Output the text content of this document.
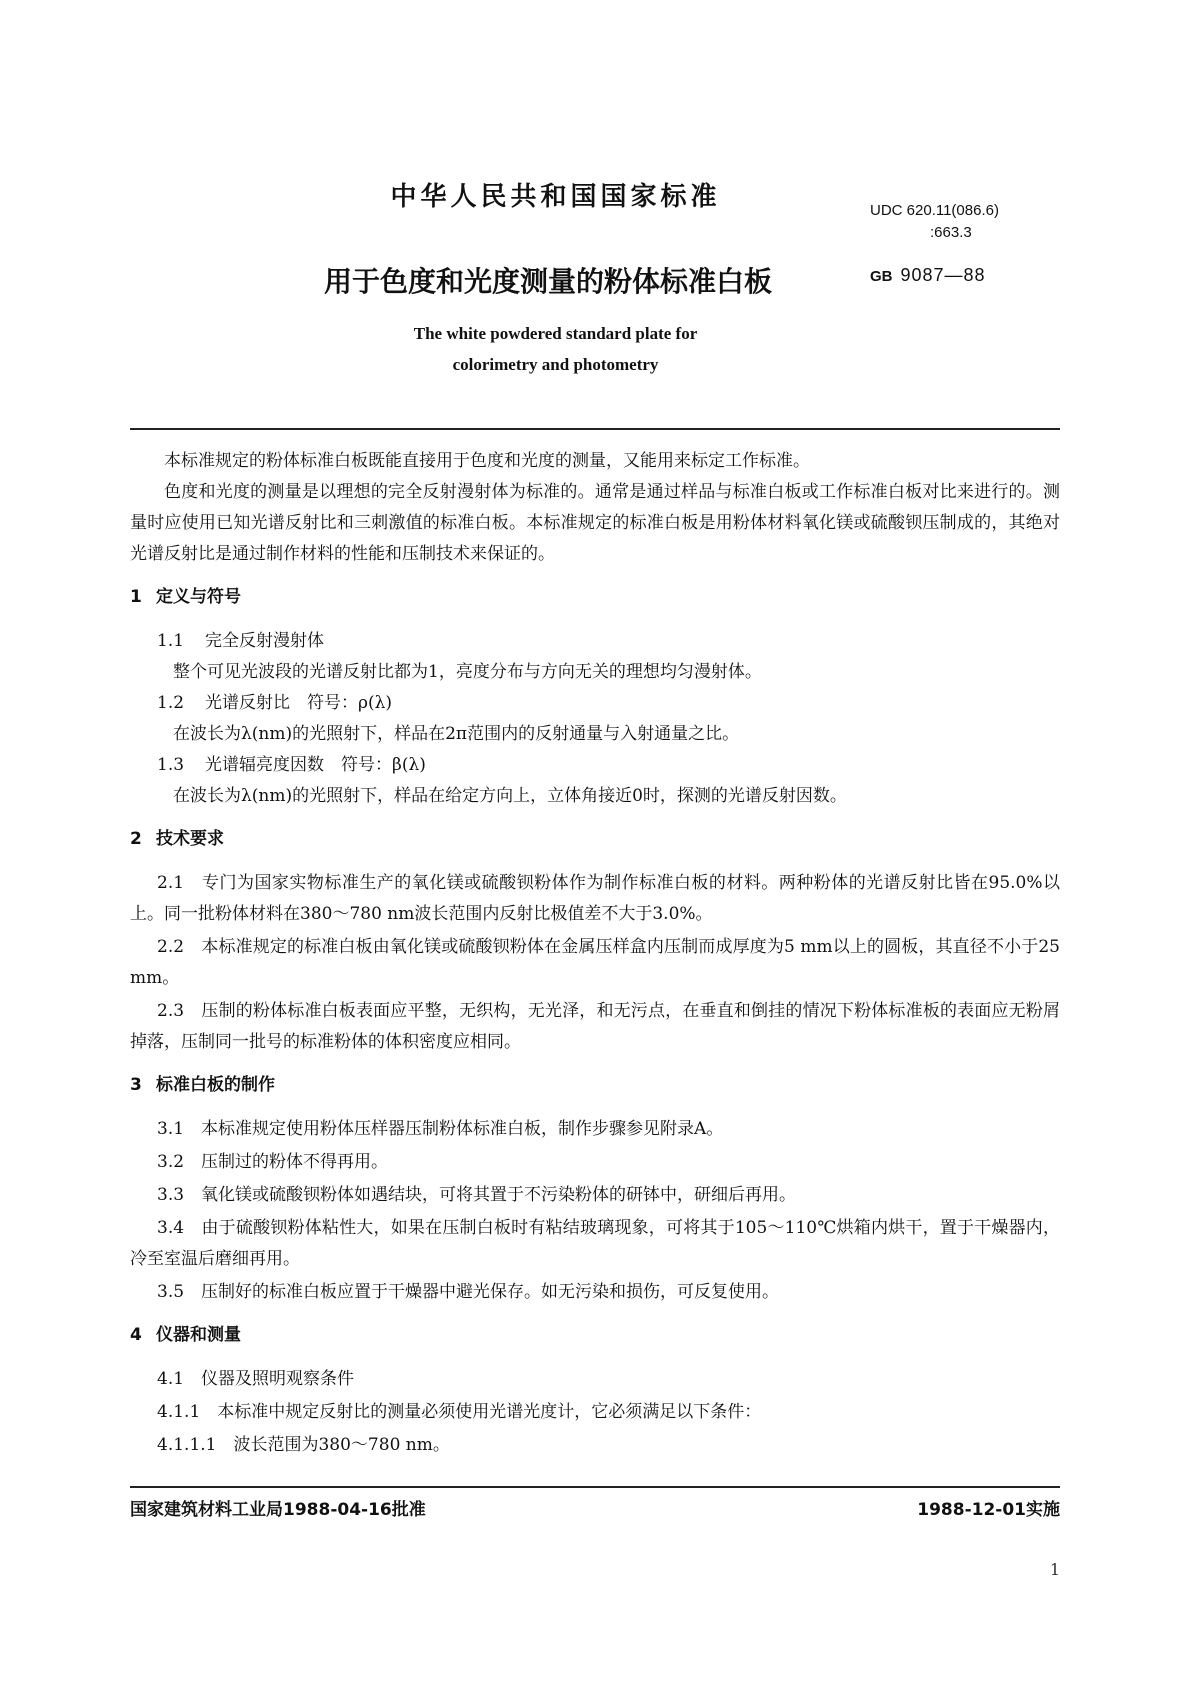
中华人民共和国国家标准	UDC 620.11(086.6)

:663.3
用于色度和光度测量的粉体标准白板	GB 9087—88
The white powdered standard plate for
colorimetry and photometry

本标准规定的粉体标准白板既能直接用于色度和光度的测量，又能用来标定工作标准。

色度和光度的测量是以理想的完全反射漫射体为标准的。通常是通过样品与标准白板或工作标准白板对比来进行的。测量时应使用已知光谱反射比和三刺激值的标准白板。本标准规定的标准白板是用粉体材料氧化镁或硫酸钡压制成的，其绝对光谱反射比是通过制作材料的性能和压制技术来保证的。

1 定义与符号

1.1 完全反射漫射体

整个可见光波段的光谱反射比都为1，亮度分布与方向无关的理想均匀漫射体。

1.2 光谱反射比　符号：ρ(λ)

在波长为λ(nm)的光照射下，样品在2π范围内的反射通量与入射通量之比。

1.3 光谱辐亮度因数　符号：β(λ)

在波长为λ(nm)的光照射下，样品在给定方向上，立体角接近0时，探测的光谱反射因数。

2 技术要求

2.1　 专门为国家实物标准生产的氧化镁或硫酸钡粉体作为制作标准白板的材料。两种粉体的光谱反射比皆在95.0%以上。同一批粉体材料在380～780 nm波长范围内反射比极值差不大于3.0%。

2.2　 本标准规定的标准白板由氧化镁或硫酸钡粉体在金属压样盒内压制而成厚度为5 mm以上的圆板，其直径不小于25 mm。

2.3　 压制的粉体标准白板表面应平整，无织构，无光泽，和无污点，在垂直和倒挂的情况下粉体标准板的表面应无粉屑掉落，压制同一批号的标准粉体的体积密度应相同。

3 标准白板的制作

3.1　 本标准规定使用粉体压样器压制粉体标准白板，制作步骤参见附录A。

3.2　 压制过的粉体不得再用。

3.3　 氧化镁或硫酸钡粉体如遇结块，可将其置于不污染粉体的研钵中，研细后再用。

3.4　 由于硫酸钡粉体粘性大，如果在压制白板时有粘结玻璃现象，可将其于105～110℃烘箱内烘干，置于干燥器内，冷至室温后磨细再用。

3.5　 压制好的标准白板应置于干燥器中避光保存。如无污染和损伤，可反复使用。

4 仪器和测量

4.1　 仪器及照明观察条件

4.1.1　 本标准中规定反射比的测量必须使用光谱光度计，它必须满足以下条件：

4.1.1.1　 波长范围为380～780 nm。

国家建筑材料工业局1988-04-16批准	1988-12-01实施
1
